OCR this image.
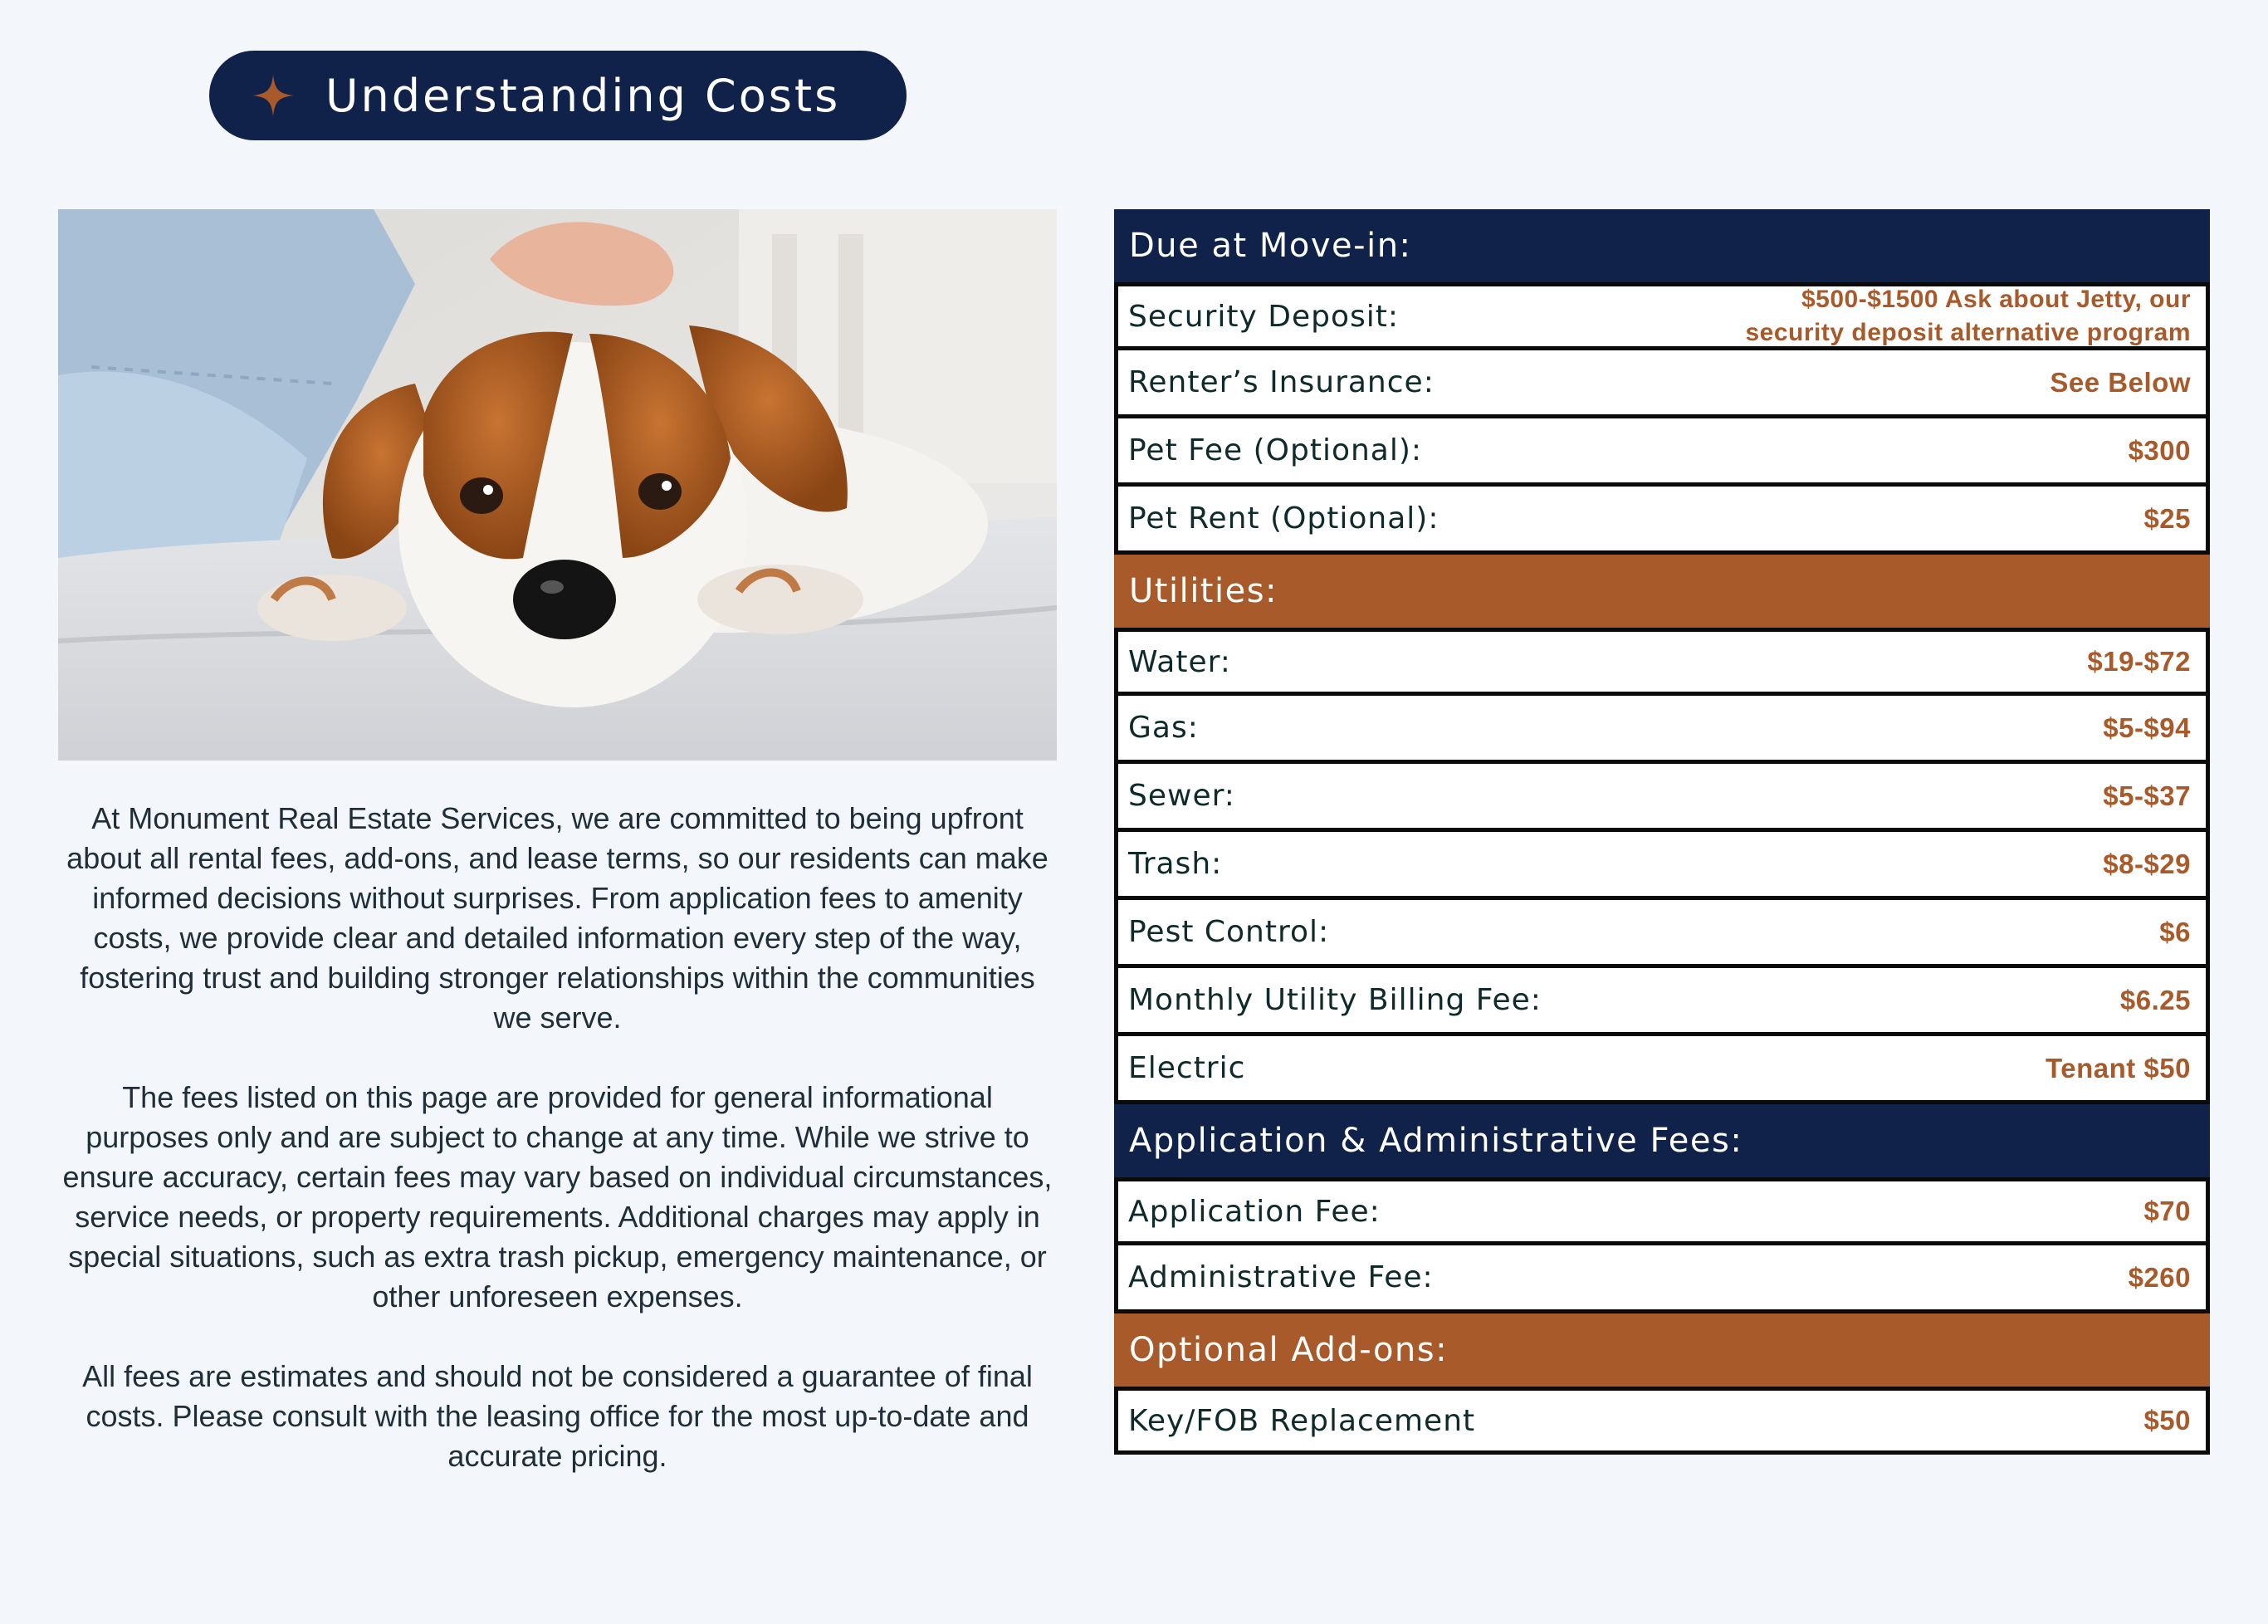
Understanding Costs

At Monument Real Estate Services, we are committed to being upfront about all rental fees, add-ons, and lease terms, so our residents can make informed decisions without surprises. From application fees to amenity costs, we provide clear and detailed information every step of the way, fostering trust and building stronger relationships within the communities we serve.

The fees listed on this page are provided for general informational purposes only and are subject to change at any time. While we strive to ensure accuracy, certain fees may vary based on individual circumstances, service needs, or property requirements. Additional charges may apply in special situations, such as extra trash pickup, emergency maintenance, or other unforeseen expenses.

All fees are estimates and should not be considered a guarantee of final costs. Please consult with the leasing office for the most up-to-date and accurate pricing.

Due at Move-in:
Security Deposit:	$500-$1500 Ask about Jetty, our
security deposit alternative program
Renter’s Insurance:	See Below
Pet Fee (Optional):	$300
Pet Rent (Optional):	$25
Utilities:
Water:	$19-$72
Gas:	$5-$94
Sewer:	$5-$37
Trash:	$8-$29
Pest Control:	$6
Monthly Utility Billing Fee:	$6.25
Electric	Tenant $50
Application & Administrative Fees:
Application Fee:	$70
Administrative Fee:	$260
Optional Add-ons:
Key/FOB Replacement	$50
